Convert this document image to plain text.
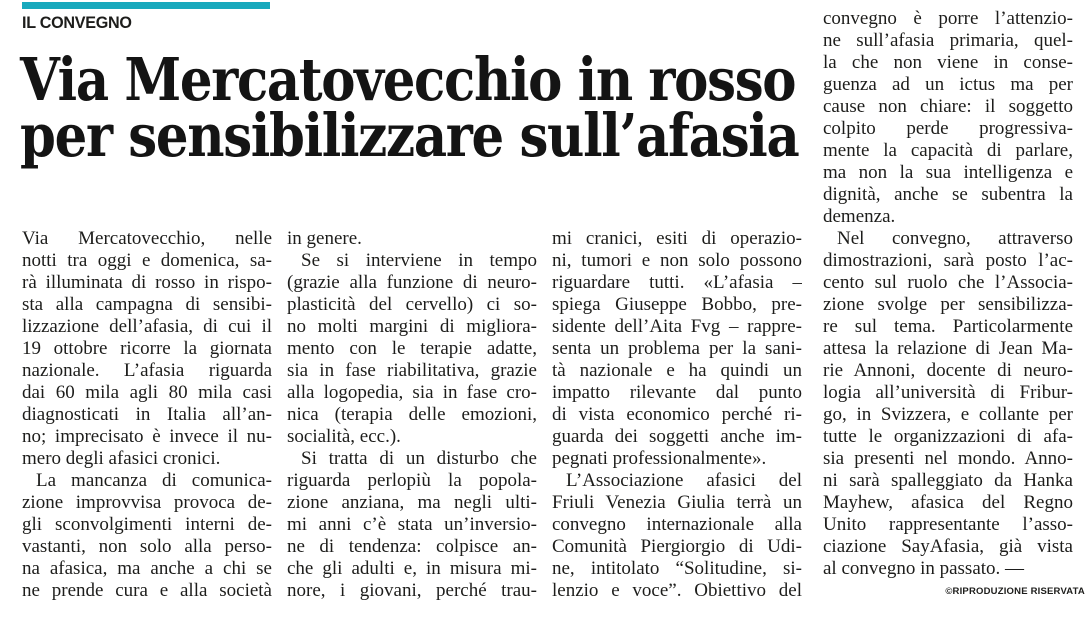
IL CONVEGNO
Via Mercatovecchio in rosso
per sensibilizzare sull’afasia
Via Mercatovecchio, nelle
notti tra oggi e domenica, sa-
rà illuminata di rosso in rispo-
sta alla campagna di sensibi-
lizzazione dell’afasia, di cui il
19 ottobre ricorre la giornata
nazionale. L’afasia riguarda
dai 60 mila agli 80 mila casi
diagnosticati in Italia all’an-
no; imprecisato è invece il nu-
mero degli afasici cronici.
La mancanza di comunica-
zione improvvisa provoca de-
gli sconvolgimenti interni de-
vastanti, non solo alla perso-
na afasica, ma anche a chi se
ne prende cura e alla società
in genere.
Se si interviene in tempo
(grazie alla funzione di neuro-
plasticità del cervello) ci so-
no molti margini di migliora-
mento con le terapie adatte,
sia in fase riabilitativa, grazie
alla logopedia, sia in fase cro-
nica (terapia delle emozioni,
socialità, ecc.).
Si tratta di un disturbo che
riguarda perlopiù la popola-
zione anziana, ma negli ulti-
mi anni c’è stata un’inversio-
ne di tendenza: colpisce an-
che gli adulti e, in misura mi-
nore, i giovani, perché trau-
mi cranici, esiti di operazio-
ni, tumori e non solo possono
riguardare tutti. «L’afasia –
spiega Giuseppe Bobbo, pre-
sidente dell’Aita Fvg – rappre-
senta un problema per la sani-
tà nazionale e ha quindi un
impatto rilevante dal punto
di vista economico perché ri-
guarda dei soggetti anche im-
pegnati professionalmente».
L’Associazione afasici del
Friuli Venezia Giulia terrà un
convegno internazionale alla
Comunità Piergiorgio di Udi-
ne, intitolato “Solitudine, si-
lenzio e voce”. Obiettivo del
convegno è porre l’attenzio-
ne sull’afasia primaria, quel-
la che non viene in conse-
guenza ad un ictus ma per
cause non chiare: il soggetto
colpito perde progressiva-
mente la capacità di parlare,
ma non la sua intelligenza e
dignità, anche se subentra la
demenza.
Nel convegno, attraverso
dimostrazioni, sarà posto l’ac-
cento sul ruolo che l’Associa-
zione svolge per sensibilizza-
re sul tema. Particolarmente
attesa la relazione di Jean Ma-
rie Annoni, docente di neuro-
logia all’università di Fribur-
go, in Svizzera, e collante per
tutte le organizzazioni di afa-
sia presenti nel mondo. Anno-
ni sarà spalleggiato da Hanka
Mayhew, afasica del Regno
Unito rappresentante l’asso-
ciazione SayAfasia, già vista
al convegno in passato. —
©RIPRODUZIONE RISERVATA
